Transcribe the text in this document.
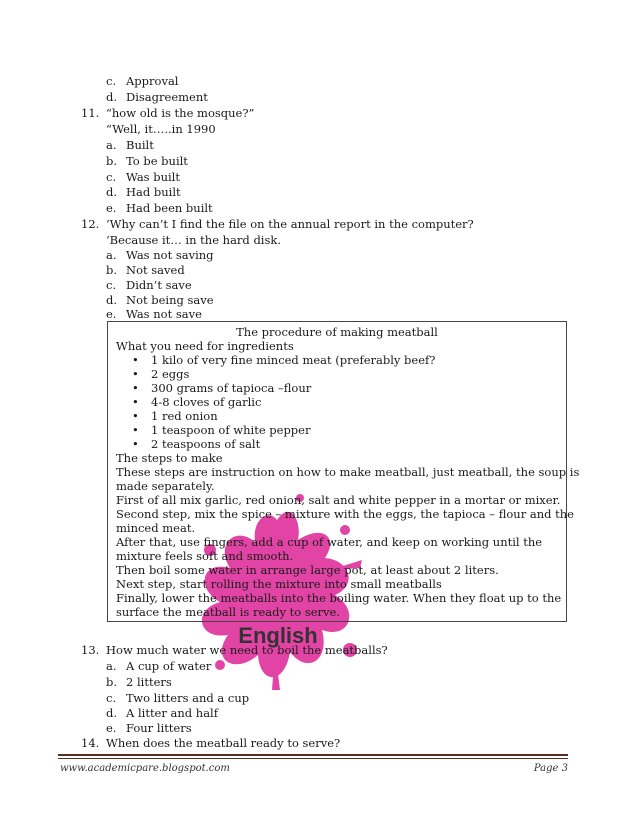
English
c. Approval
d. Disagreement
11. “how old is the mosque?”
“Well, it…..in 1990
a. Built
b. To be built
c. Was built
d. Had built
e. Had been built
12. ‘Why can’t I find the file on the annual report in the computer?
‘Because it… in the hard disk.
a. Was not saving
b. Not saved
c. Didn’t save
d. Not being save
e. Was not save
The procedure of making meatball
What you need for ingredients
• 1 kilo of very fine minced meat (preferably beef?
• 2 eggs
• 300 grams of tapioca –flour
• 4-8 cloves of garlic
• 1 red onion
• 1 teaspoon of white pepper
• 2 teaspoons of salt
The steps to make
These steps are instruction on how to make meatball, just meatball, the soup is
made separately.
First of all mix garlic, red onion, salt and white pepper in a mortar or mixer.
Second step, mix the spice – mixture with the eggs, the tapioca – flour and the
minced meat.
After that, use fingers, add a cup of water, and keep on working until the
mixture feels soft and smooth.
Then boil some water in arrange large pot, at least about 2 liters.
Next step, start rolling the mixture into small meatballs
Finally, lower the meatballs into the boiling water. When they float up to the
surface the meatball is ready to serve.
13. How much water we need to boil the meatballs?
a. A cup of water
b. 2 litters
c. Two litters and a cup
d. A litter and half
e. Four litters
14. When does the meatball ready to serve?
www.academicpare.blogspot.com	Page 3
